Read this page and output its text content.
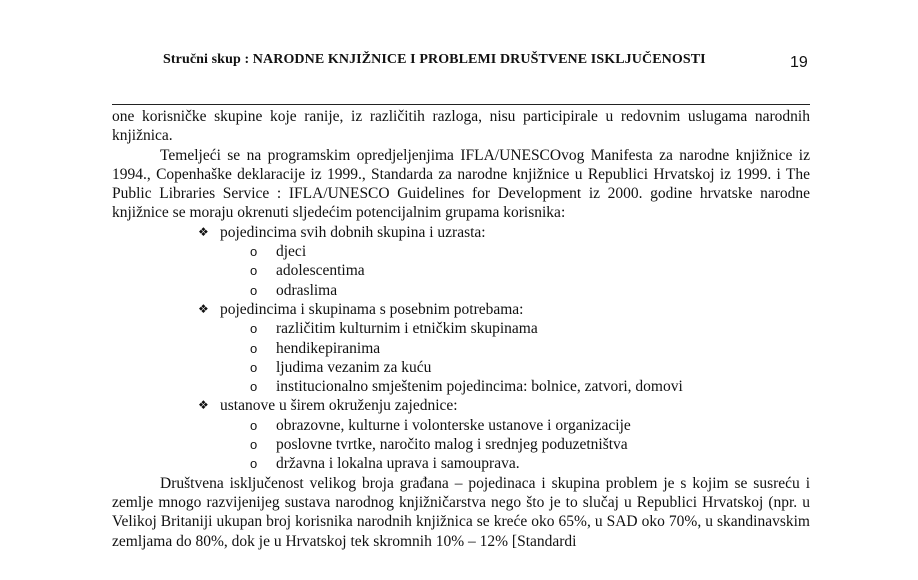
Stručni skup : NARODNE KNJIŽNICE I PROBLEMI DRUŠTVENE ISKLJUČENOSTI	19

one korisničke skupine koje ranije, iz različitih razloga, nisu participirale u redovnim uslugama narodnih knjižnica.

Temeljeći se na programskim opredjeljenjima IFLA/UNESCOvog Manifesta za narodne knjižnice iz 1994., Copenhaške deklaracije iz 1999., Standarda za narodne knjižnice u Republici Hrvatskoj iz 1999. i The Public Libraries Service : IFLA/UNESCO Guidelines for Development iz 2000. godine hrvatske narodne knjižnice se moraju okrenuti sljedećim potencijalnim grupama korisnika:

❖ pojedincima svih dobnih skupina i uzrasta:
o djeci
o adolescentima
o odraslima
❖ pojedincima i skupinama s posebnim potrebama:
o različitim kulturnim i etničkim skupinama
o hendikepiranima
o ljudima vezanim za kuću
o institucionalno smještenim pojedincima: bolnice, zatvori, domovi
❖ ustanove u širem okruženju zajednice:
o obrazovne, kulturne i volonterske ustanove i organizacije
o poslovne tvrtke, naročito malog i srednjeg poduzetništva
o državna i lokalna uprava i samouprava.

Društvena isključenost velikog broja građana – pojedinaca i skupina problem je s kojim se susreću i zemlje mnogo razvijenijeg sustava narodnog knjižničarstva nego što je to slučaj u Republici Hrvatskoj (npr. u Velikoj Britaniji ukupan broj korisnika narodnih knjižnica se kreće oko 65%, u SAD oko 70%, u skandinavskim zemljama do 80%, dok je u Hrvatskoj tek skromnih 10% – 12% [Standardi
